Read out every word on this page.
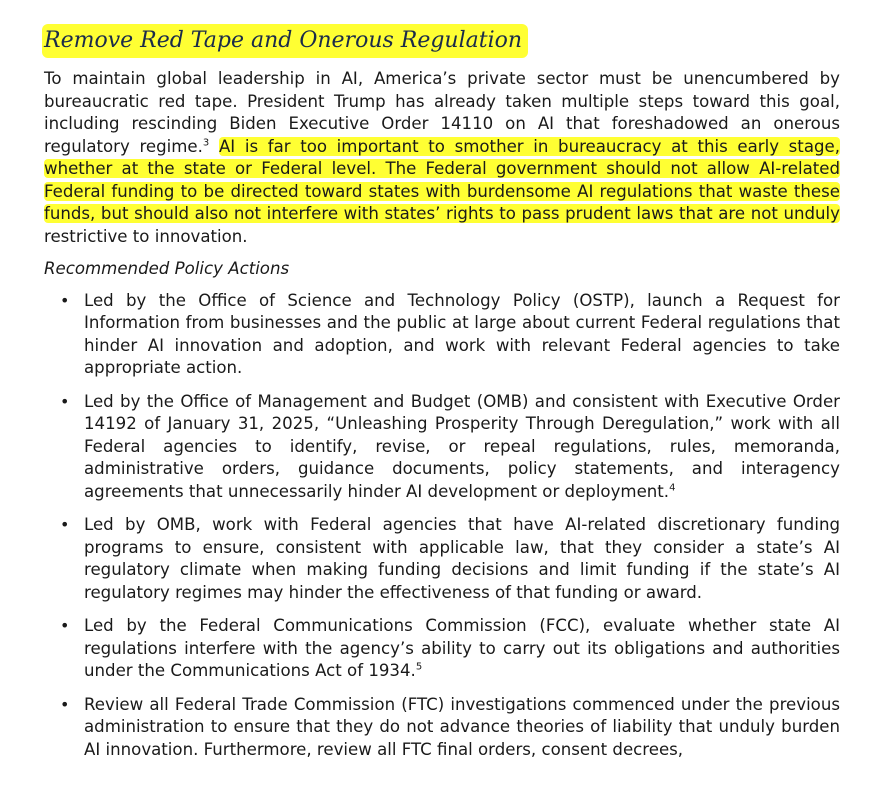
Remove Red Tape and Onerous Regulation

To maintain global leadership in AI, America’s private sector must be unencumbered by bureaucratic red tape. President Trump has already taken multiple steps toward this goal, including rescinding Biden Executive Order 14110 on AI that foreshadowed an onerous regulatory regime.$^3$ AI is far too important to smother in bureaucracy at this early stage, whether at the state or Federal level. The Federal government should not allow AI-related Federal funding to be directed toward states with burdensome AI regulations that waste these funds, but should also not interfere with states’ rights to pass prudent laws that are not unduly restrictive to innovation.

Recommended Policy Actions
• Led by the Office of Science and Technology Policy (OSTP), launch a Request for Information from businesses and the public at large about current Federal regulations that hinder AI innovation and adoption, and work with relevant Federal agencies to take appropriate action.
• Led by the Office of Management and Budget (OMB) and consistent with Executive Order 14192 of January 31, 2025, “Unleashing Prosperity Through Deregulation,” work with all Federal agencies to identify, revise, or repeal regulations, rules, memoranda, administrative orders, guidance documents, policy statements, and interagency agreements that unnecessarily hinder AI development or deployment.$^4$
• Led by OMB, work with Federal agencies that have AI-related discretionary funding programs to ensure, consistent with applicable law, that they consider a state’s AI regulatory climate when making funding decisions and limit funding if the state’s AI regulatory regimes may hinder the effectiveness of that funding or award.
• Led by the Federal Communications Commission (FCC), evaluate whether state AI regulations interfere with the agency’s ability to carry out its obligations and authorities under the Communications Act of 1934.$^5$
• Review all Federal Trade Commission (FTC) investigations commenced under the previous administration to ensure that they do not advance theories of liability that unduly burden AI innovation. Furthermore, review all FTC final orders, consent decrees,
